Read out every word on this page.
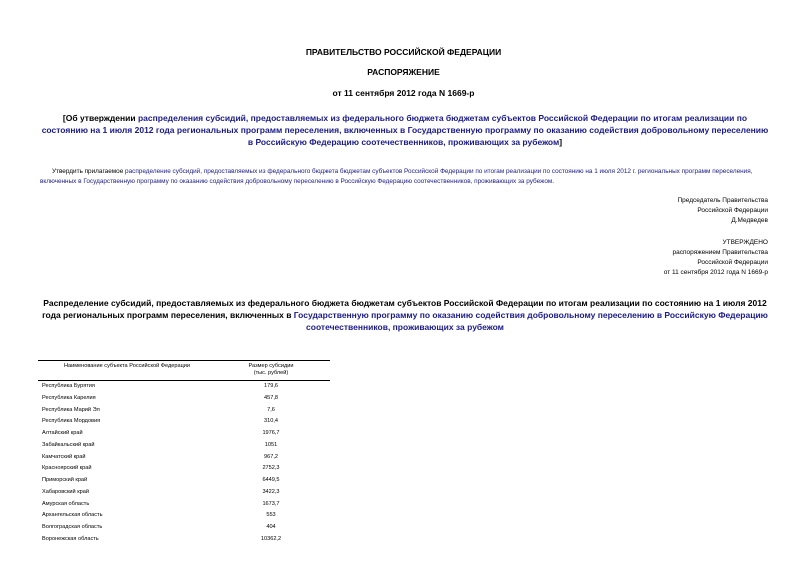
ПРАВИТЕЛЬСТВО РОССИЙСКОЙ ФЕДЕРАЦИИ
РАСПОРЯЖЕНИЕ
от 11 сентября 2012 года N 1669-р
[Об утверждении распределения субсидий, предоставляемых из федерального бюджета бюджетам субъектов Российской Федерации по итогам реализации по состоянию на 1 июля 2012 года региональных программ переселения, включенных в Государственную программу по оказанию содействия добровольному переселению в Российскую Федерацию соотечественников, проживающих за рубежом]
Утвердить прилагаемое распределение субсидий, предоставляемых из федерального бюджета бюджетам субъектов Российской Федерации по итогам реализации по состоянию на 1 июля 2012 г. региональных программ переселения, включенных в Государственную программу по оказанию содействия добровольному переселению в Российскую Федерацию соотечественников, проживающих за рубежом.
Председатель Правительства
Российской Федерации
Д.Медведев
УТВЕРЖДЕНО
распоряжением Правительства
Российской Федерации
от 11 сентября 2012 года N 1669-р
Распределение субсидий, предоставляемых из федерального бюджета бюджетам субъектов Российской Федерации по итогам реализации по состоянию на 1 июля 2012 года региональных программ переселения, включенных в Государственную программу по оказанию содействия добровольному переселению в Российскую Федерацию соотечественников, проживающих за рубежом
Наименование субъекта Российской Федерации	Размер субсидии
(тыс. рублей)

Республика Бурятия	179,6
Республика Карелия	457,8
Республика Марий Эл	7,6
Республика Мордовия	310,4
Алтайский край	1976,7
Забайкальский край	1051
Камчатский край	967,2
Красноярский край	2752,3
Приморский край	6449,5
Хабаровский край	3422,3
Амурская область	1673,7
Архангельская область	553
Волгоградская область	404
Воронежская область	10362,2
